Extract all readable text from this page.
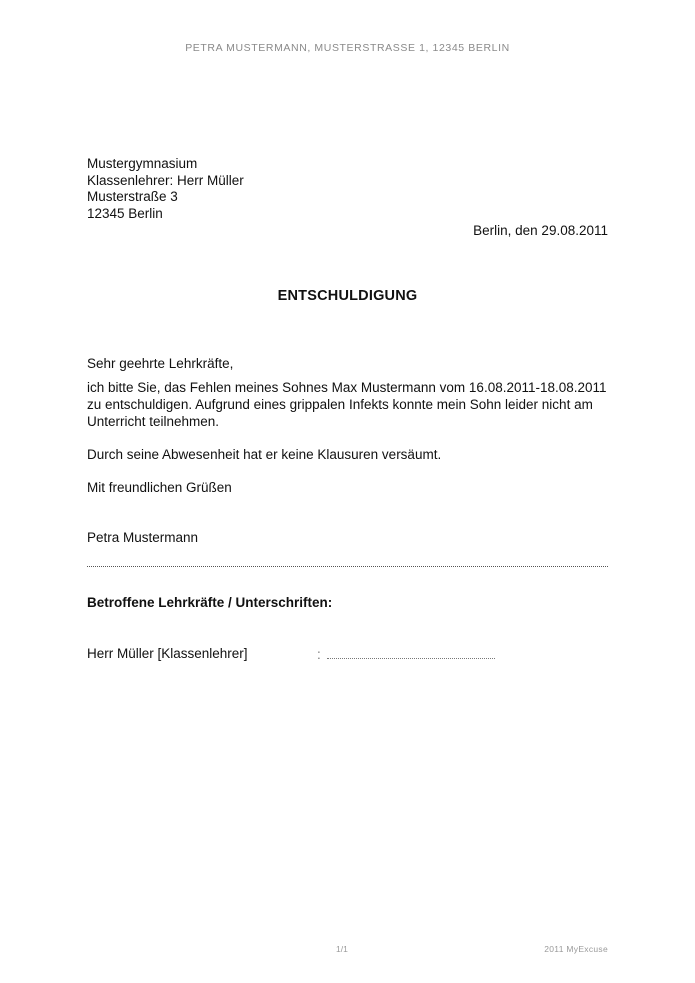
PETRA MUSTERMANN, MUSTERSTRASSE 1, 12345 BERLIN
Mustergymnasium
Klassenlehrer: Herr Müller
Musterstraße 3
12345 Berlin
Berlin, den 29.08.2011
ENTSCHULDIGUNG
Sehr geehrte Lehrkräfte,
ich bitte Sie, das Fehlen meines Sohnes Max Mustermann vom 16.08.2011-18.08.2011 zu entschuldigen. Aufgrund eines grippalen Infekts konnte mein Sohn leider nicht am Unterricht teilnehmen.
Durch seine Abwesenheit hat er keine Klausuren versäumt.
Mit freundlichen Grüßen
Petra Mustermann
Betroffene Lehrkräfte / Unterschriften:
Herr Müller [Klassenlehrer]	:
1/1	2011 MyExcuse
